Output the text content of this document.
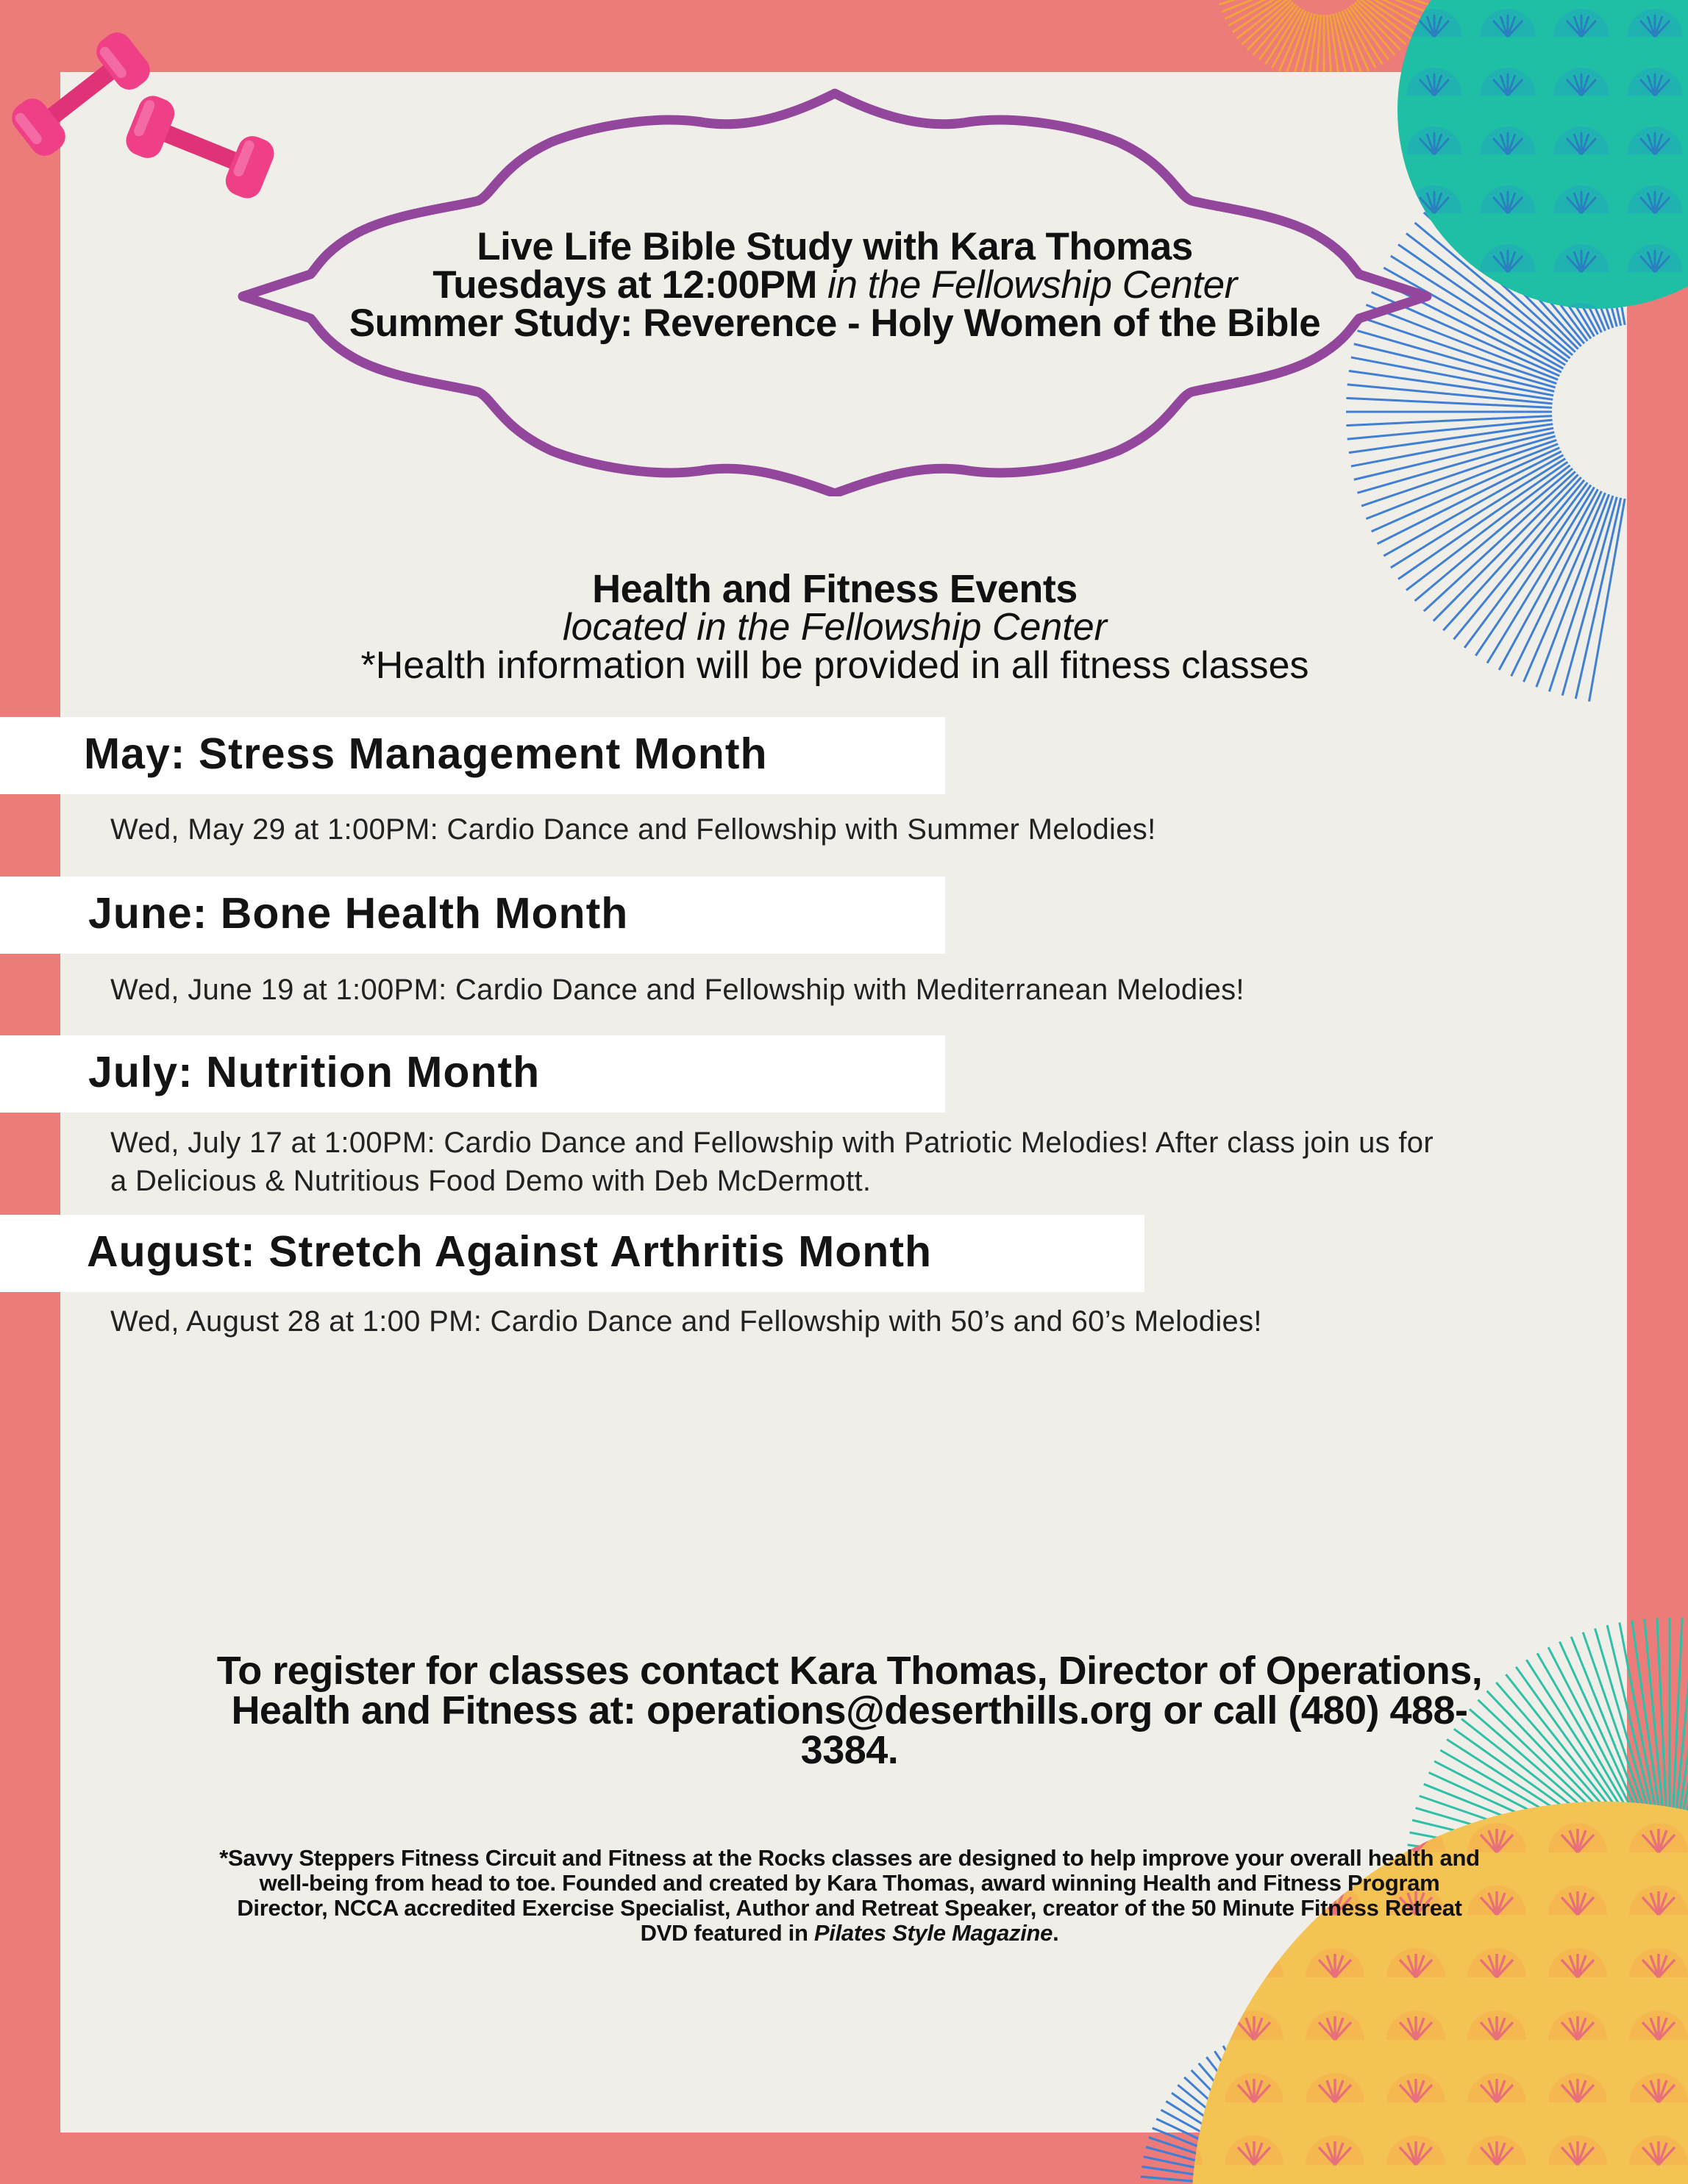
Live Life Bible Study with Kara Thomas
Tuesdays at 12:00PM in the Fellowship Center
Summer Study: Reverence - Holy Women of the Bible
Health and Fitness Events
located in the Fellowship Center
*Health information will be provided in all fitness classes
May: Stress Management Month
Wed, May 29 at 1:00PM: Cardio Dance and Fellowship with Summer Melodies!
June: Bone Health Month
Wed, June 19 at 1:00PM: Cardio Dance and Fellowship with Mediterranean Melodies!
July: Nutrition Month
Wed, July 17 at 1:00PM: Cardio Dance and Fellowship with Patriotic Melodies! After class join us for a Delicious & Nutritious Food Demo with Deb McDermott.
August: Stretch Against Arthritis Month
Wed, August 28 at 1:00 PM: Cardio Dance and Fellowship with 50’s and 60’s Melodies!
To register for classes contact Kara Thomas, Director of Operations, Health and Fitness at: operations@deserthills.org or call (480) 488-3384.
*Savvy Steppers Fitness Circuit and Fitness at the Rocks classes are designed to help improve your overall health and well-being from head to toe. Founded and created by Kara Thomas, award winning Health and Fitness Program Director, NCCA accredited Exercise Specialist, Author and Retreat Speaker, creator of the 50 Minute Fitness Retreat DVD featured in Pilates Style Magazine.
